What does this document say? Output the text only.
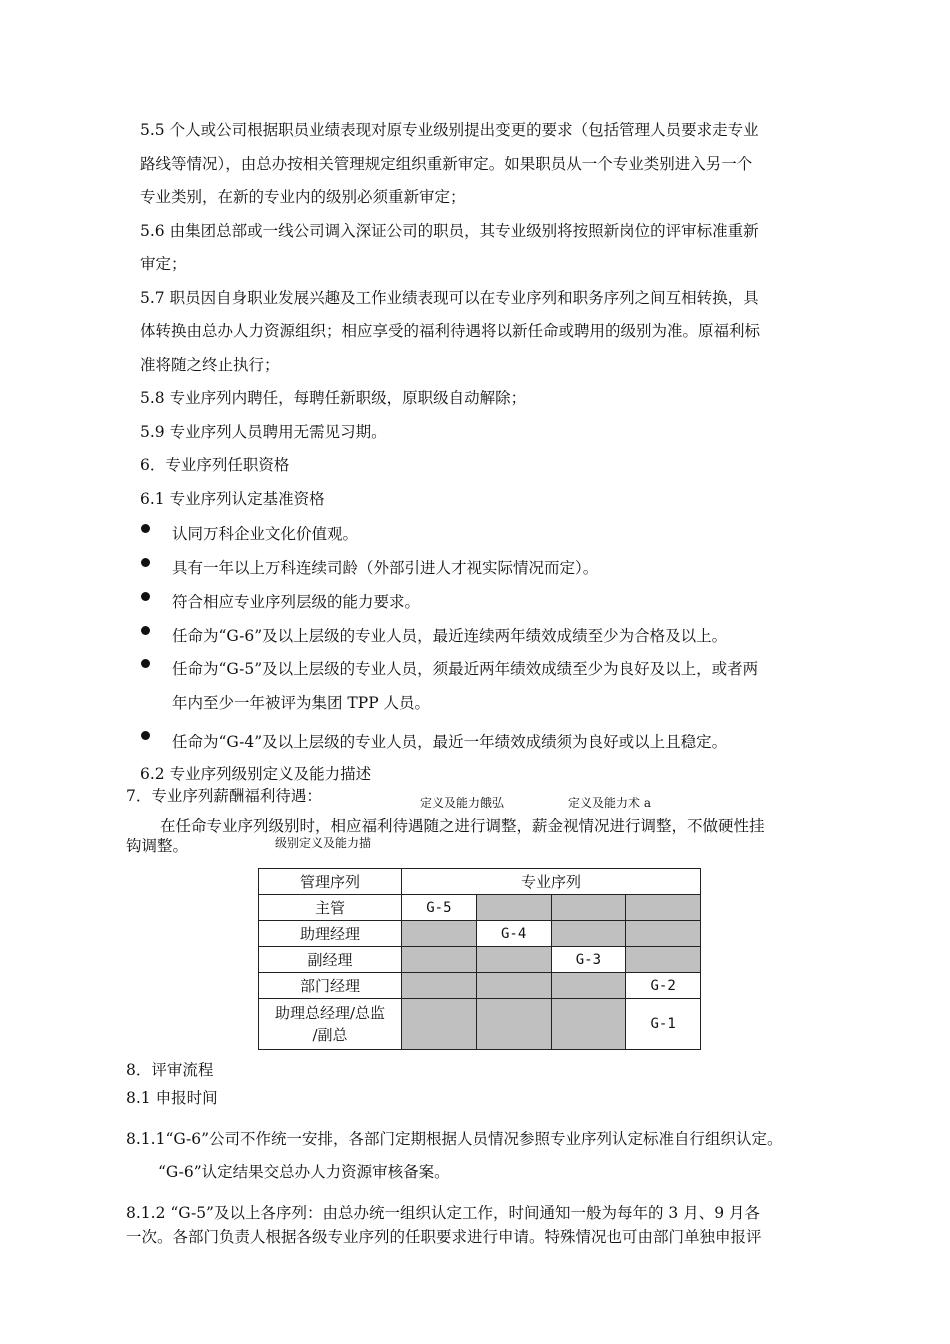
5.5 个人或公司根据职员业绩表现对原专业级别提出变更的要求（包括管理人员要求走专业
路线等情况），由总办按相关管理规定组织重新审定。如果职员从一个专业类别进入另一个
专业类别，在新的专业内的级别必须重新审定；
5.6 由集团总部或一线公司调入深证公司的职员，其专业级别将按照新岗位的评审标准重新
审定；
5.7 职员因自身职业发展兴趣及工作业绩表现可以在专业序列和职务序列之间互相转换，具
体转换由总办人力资源组织；相应享受的福利待遇将以新任命或聘用的级别为准。原福利标
准将随之终止执行；
5.8 专业序列内聘任，每聘任新职级，原职级自动解除；
5.9 专业序列人员聘用无需见习期。
6．专业序列任职资格
6.1 专业序列认定基准资格
认同万科企业文化价值观。
具有一年以上万科连续司龄（外部引进人才视实际情况而定）。
符合相应专业序列层级的能力要求。
任命为“G-6”及以上层级的专业人员，最近连续两年绩效成绩至少为合格及以上。
任命为“G-5”及以上层级的专业人员，须最近两年绩效成绩至少为良好及以上，或者两
年内至少一年被评为集团 TPP 人员。
任命为“G-4”及以上层级的专业人员，最近一年绩效成绩须为良好或以上且稳定。
6.2 专业序列级别定义及能力描述
7．专业序列薪酬福利待遇：	定义及能力餓弘	定义及能力术 a
在任命专业序列级别时，相应福利待遇随之进行调整，薪金视情况进行调整，不做硬性挂
钩调整。	级别定义及能力描
管理序列	专业序列			
主管	G-5			
助理经理		G-4		
副经理			G-3	
部门经理				G-2

助理总经理/总监
/副总				G-1
8．评审流程
8.1 申报时间
8.1.1“G-6”公司不作统一安排，各部门定期根据人员情况参照专业序列认定标准自行组织认定。
“G-6”认定结果交总办人力资源审核备案。
8.1.2 “G-5”及以上各序列：由总办统一组织认定工作，时间通知一般为每年的 3 月、9 月各
一次。各部门负责人根据各级专业序列的任职要求进行申请。特殊情况也可由部门单独申报评
